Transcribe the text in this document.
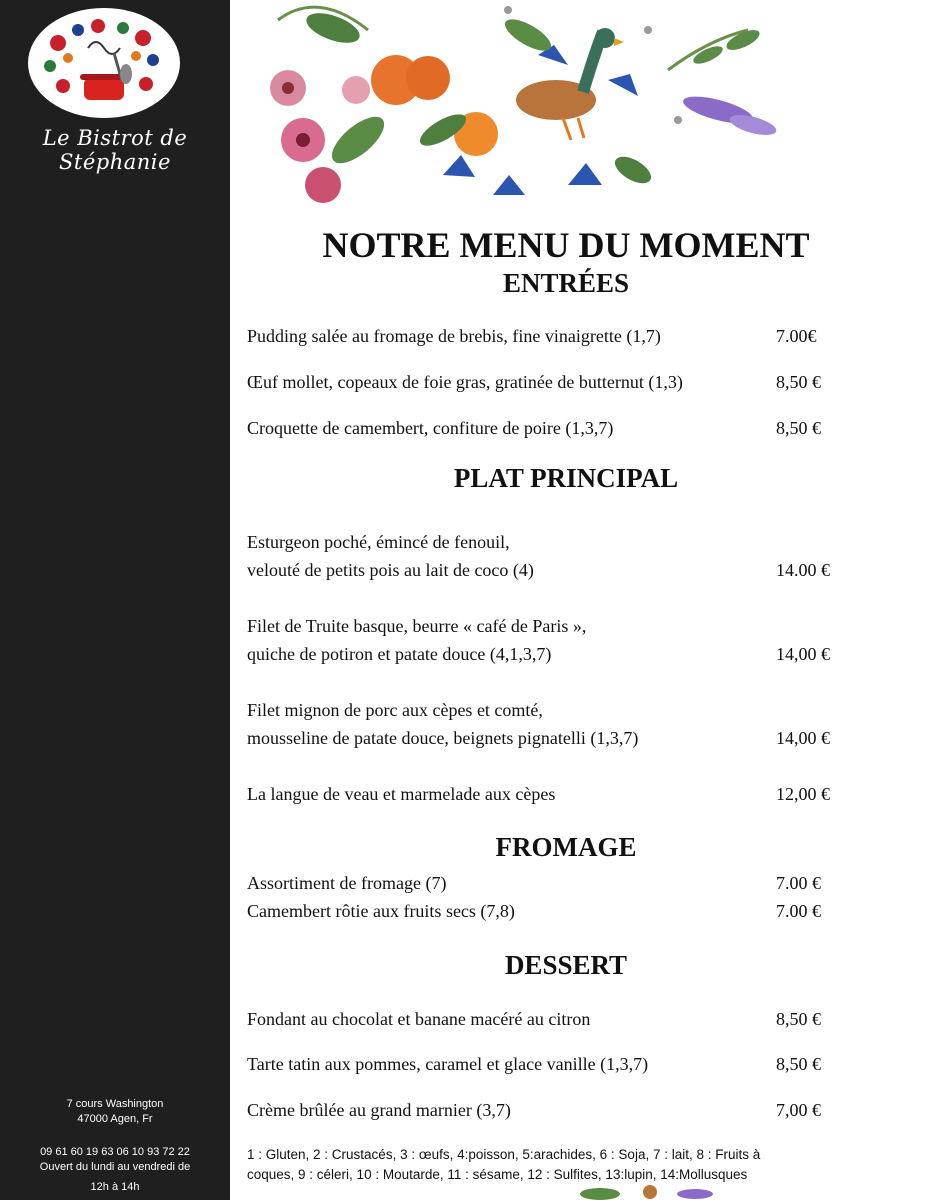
Le Bistrot de Stéphanie
7 cours Washington
47000 Agen, Fr
09 61 60 19 63 06 10 93 72 22
Ouvert du lundi au vendredi de
12h à 14h
NOTRE MENU DU MOMENT
ENTRÉES
Pudding salée au fromage de brebis, fine vinaigrette (1,7)	7.00€
Œuf mollet, copeaux de foie gras, gratinée de butternut (1,3)	8,50 €
Croquette de camembert, confiture de poire (1,3,7)	8,50 €
PLAT PRINCIPAL
Esturgeon poché, émincé de fenouil,
velouté de petits pois au lait de coco (4)	14.00 €
Filet de Truite basque, beurre « café de Paris »,
quiche de potiron et patate douce (4,1,3,7)	14,00 €
Filet mignon de porc aux cèpes et comté,
mousseline de patate douce, beignets pignatelli (1,3,7)	14,00 €
La langue de veau et marmelade aux cèpes	12,00 €
FROMAGE
Assortiment de fromage (7)	7.00 €
Camembert rôtie aux fruits secs (7,8)	7.00 €
DESSERT
Fondant au chocolat et banane macéré au citron	8,50 €
Tarte tatin aux pommes, caramel et glace vanille (1,3,7)	8,50 €
Crème brûlée au grand marnier (3,7)	7,00 €
1 : Gluten, 2 : Crustacés, 3 : œufs, 4:poisson, 5:arachides, 6 : Soja, 7 : lait, 8 : Fruits à
coques, 9 : céleri, 10 : Moutarde, 11 : sésame, 12 : Sulfites, 13:lupin, 14:Mollusques
